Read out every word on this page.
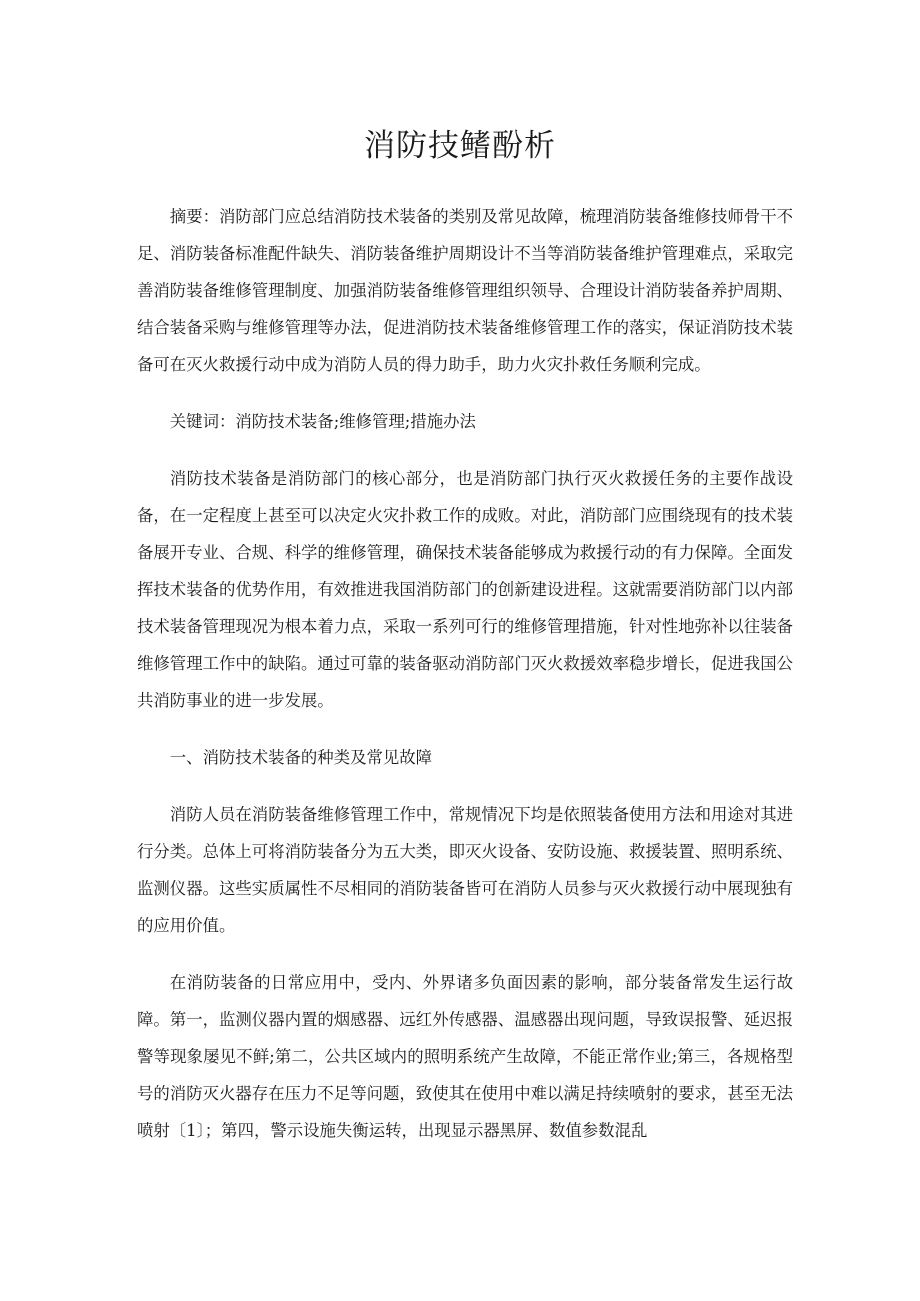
消防技鳍酚析

摘要：消防部门应总结消防技术装备的类别及常见故障，梳理消防装备维修技师骨干不足、消防装备标准配件缺失、消防装备维护周期设计不当等消防装备维护管理难点，采取完善消防装备维修管理制度、加强消防装备维修管理组织领导、合理设计消防装备养护周期、结合装备采购与维修管理等办法，促进消防技术装备维修管理工作的落实，保证消防技术装备可在灭火救援行动中成为消防人员的得力助手，助力火灾扑救任务顺利完成。

关键词：消防技术装备;维修管理;措施办法

消防技术装备是消防部门的核心部分，也是消防部门执行灭火救援任务的主要作战设备，在一定程度上甚至可以决定火灾扑救工作的成败。对此，消防部门应围绕现有的技术装备展开专业、合规、科学的维修管理，确保技术装备能够成为救援行动的有力保障。全面发挥技术装备的优势作用，有效推进我国消防部门的创新建设进程。这就需要消防部门以内部技术装备管理现况为根本着力点，采取一系列可行的维修管理措施，针对性地弥补以往装备维修管理工作中的缺陷。通过可靠的装备驱动消防部门灭火救援效率稳步增长，促进我国公共消防事业的进一步发展。

一、消防技术装备的种类及常见故障

消防人员在消防装备维修管理工作中，常规情况下均是依照装备使用方法和用途对其进行分类。总体上可将消防装备分为五大类，即灭火设备、安防设施、救援装置、照明系统、监测仪器。这些实质属性不尽相同的消防装备皆可在消防人员参与灭火救援行动中展现独有的应用价值。

在消防装备的日常应用中，受内、外界诸多负面因素的影响，部分装备常发生运行故障。第一，监测仪器内置的烟感器、远红外传感器、温感器出现问题，导致误报警、延迟报警等现象屡见不鲜;第二，公共区域内的照明系统产生故障，不能正常作业;第三，各规格型号的消防灭火器存在压力不足等问题，致使其在使用中难以满足持续喷射的要求，甚至无法喷射〔1〕；第四，警示设施失衡运转，出现显示器黑屏、数值参数混乱
